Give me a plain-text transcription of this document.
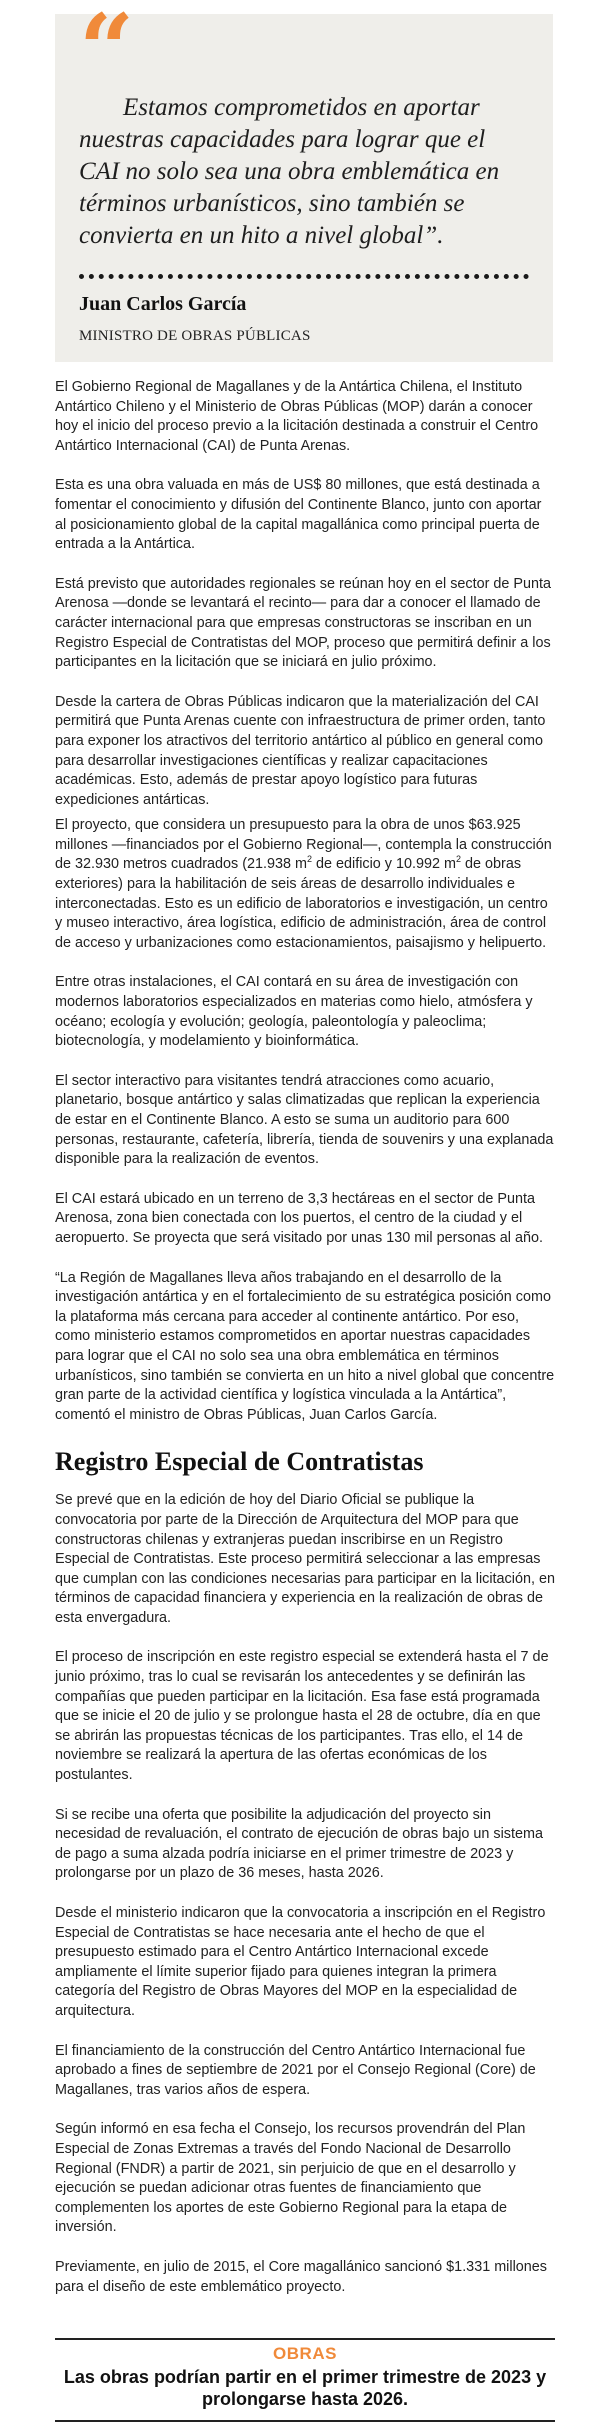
“
Estamos comprometidos en aportar nuestras capacidades para lograr que el CAI no solo sea una obra emblemática en términos urbanísticos, sino también se convierta en un hito a nivel global”.
Juan Carlos García
MINISTRO DE OBRAS PÚBLICAS

El Gobierno Regional de Magallanes y de la Antártica Chilena, el Instituto Antártico Chileno y el Ministerio de Obras Públicas (MOP) darán a conocer hoy el inicio del proceso previo a la licitación destinada a construir el Centro Antártico Internacional (CAI) de Punta Arenas.

Esta es una obra valuada en más de US$ 80 millones, que está destinada a fomentar el conocimiento y difusión del Continente Blanco, junto con aportar al posicionamiento global de la capital magallánica como principal puerta de entrada a la Antártica.

Está previsto que autoridades regionales se reúnan hoy en el sector de Punta Arenosa —donde se levantará el recinto— para dar a conocer el llamado de carácter internacional para que empresas constructoras se inscriban en un Registro Especial de Contratistas del MOP, proceso que permitirá definir a los participantes en la licitación que se iniciará en julio próximo.

Desde la cartera de Obras Públicas indicaron que la materialización del CAI permitirá que Punta Arenas cuente con infraestructura de primer orden, tanto para exponer los atractivos del territorio antártico al público en general como para desarrollar investigaciones científicas y realizar capacitaciones académicas. Esto, además de prestar apoyo logístico para futuras expediciones antárticas.

El proyecto, que considera un presupuesto para la obra de unos $63.925 millones —financiados por el Gobierno Regional—, contempla la construcción de 32.930 metros cuadrados (21.938 $m^2$ de edificio y 10.992 $m^2$ de obras exteriores) para la habilitación de seis áreas de desarrollo individuales e interconectadas. Esto es un edificio de laboratorios e investigación, un centro y museo interactivo, área logística, edificio de administración, área de control de acceso y urbanizaciones como estacionamientos, paisajismo y helipuerto.

Entre otras instalaciones, el CAI contará en su área de investigación con modernos laboratorios especializados en materias como hielo, atmósfera y océano; ecología y evolución; geología, paleontología y paleoclima; biotecnología, y modelamiento y bioinformática.

El sector interactivo para visitantes tendrá atracciones como acuario, planetario, bosque antártico y salas climatizadas que replican la experiencia de estar en el Continente Blanco. A esto se suma un auditorio para 600 personas, restaurante, cafetería, librería, tienda de souvenirs y una explanada disponible para la realización de eventos.

El CAI estará ubicado en un terreno de 3,3 hectáreas en el sector de Punta Arenosa, zona bien conectada con los puertos, el centro de la ciudad y el aeropuerto. Se proyecta que será visitado por unas 130 mil personas al año.

“La Región de Magallanes lleva años trabajando en el desarrollo de la investigación antártica y en el fortalecimiento de su estratégica posición como la plataforma más cercana para acceder al continente antártico. Por eso, como ministerio estamos comprometidos en aportar nuestras capacidades para lograr que el CAI no solo sea una obra emblemática en términos urbanísticos, sino también se convierta en un hito a nivel global que concentre gran parte de la actividad científica y logística vinculada a la Antártica”, comentó el ministro de Obras Públicas, Juan Carlos García.

Registro Especial de Contratistas

Se prevé que en la edición de hoy del Diario Oficial se publique la convocatoria por parte de la Dirección de Arquitectura del MOP para que constructoras chilenas y extranjeras puedan inscribirse en un Registro Especial de Contratistas. Este proceso permitirá seleccionar a las empresas que cumplan con las condiciones necesarias para participar en la licitación, en términos de capacidad financiera y experiencia en la realización de obras de esta envergadura.

El proceso de inscripción en este registro especial se extenderá hasta el 7 de junio próximo, tras lo cual se revisarán los antecedentes y se definirán las compañías que pueden participar en la licitación. Esa fase está programada que se inicie el 20 de julio y se prolongue hasta el 28 de octubre, día en que se abrirán las propuestas técnicas de los participantes. Tras ello, el 14 de noviembre se realizará la apertura de las ofertas económicas de los postulantes.

Si se recibe una oferta que posibilite la adjudicación del proyecto sin necesidad de revaluación, el contrato de ejecución de obras bajo un sistema de pago a suma alzada podría iniciarse en el primer trimestre de 2023 y prolongarse por un plazo de 36 meses, hasta 2026.

Desde el ministerio indicaron que la convocatoria a inscripción en el Registro Especial de Contratistas se hace necesaria ante el hecho de que el presupuesto estimado para el Centro Antártico Internacional excede ampliamente el límite superior fijado para quienes integran la primera categoría del Registro de Obras Mayores del MOP en la especialidad de arquitectura.

El financiamiento de la construcción del Centro Antártico Internacional fue aprobado a fines de septiembre de 2021 por el Consejo Regional (Core) de Magallanes, tras varios años de espera.

Según informó en esa fecha el Consejo, los recursos provendrán del Plan Especial de Zonas Extremas a través del Fondo Nacional de Desarrollo Regional (FNDR) a partir de 2021, sin perjuicio de que en el desarrollo y ejecución se puedan adicionar otras fuentes de financiamiento que complementen los aportes de este Gobierno Regional para la etapa de inversión.

Previamente, en julio de 2015, el Core magallánico sancionó $1.331 millones para el diseño de este emblemático proyecto.

OBRAS
Las obras podrían partir en el primer trimestre de 2023 y prolongarse hasta 2026.
